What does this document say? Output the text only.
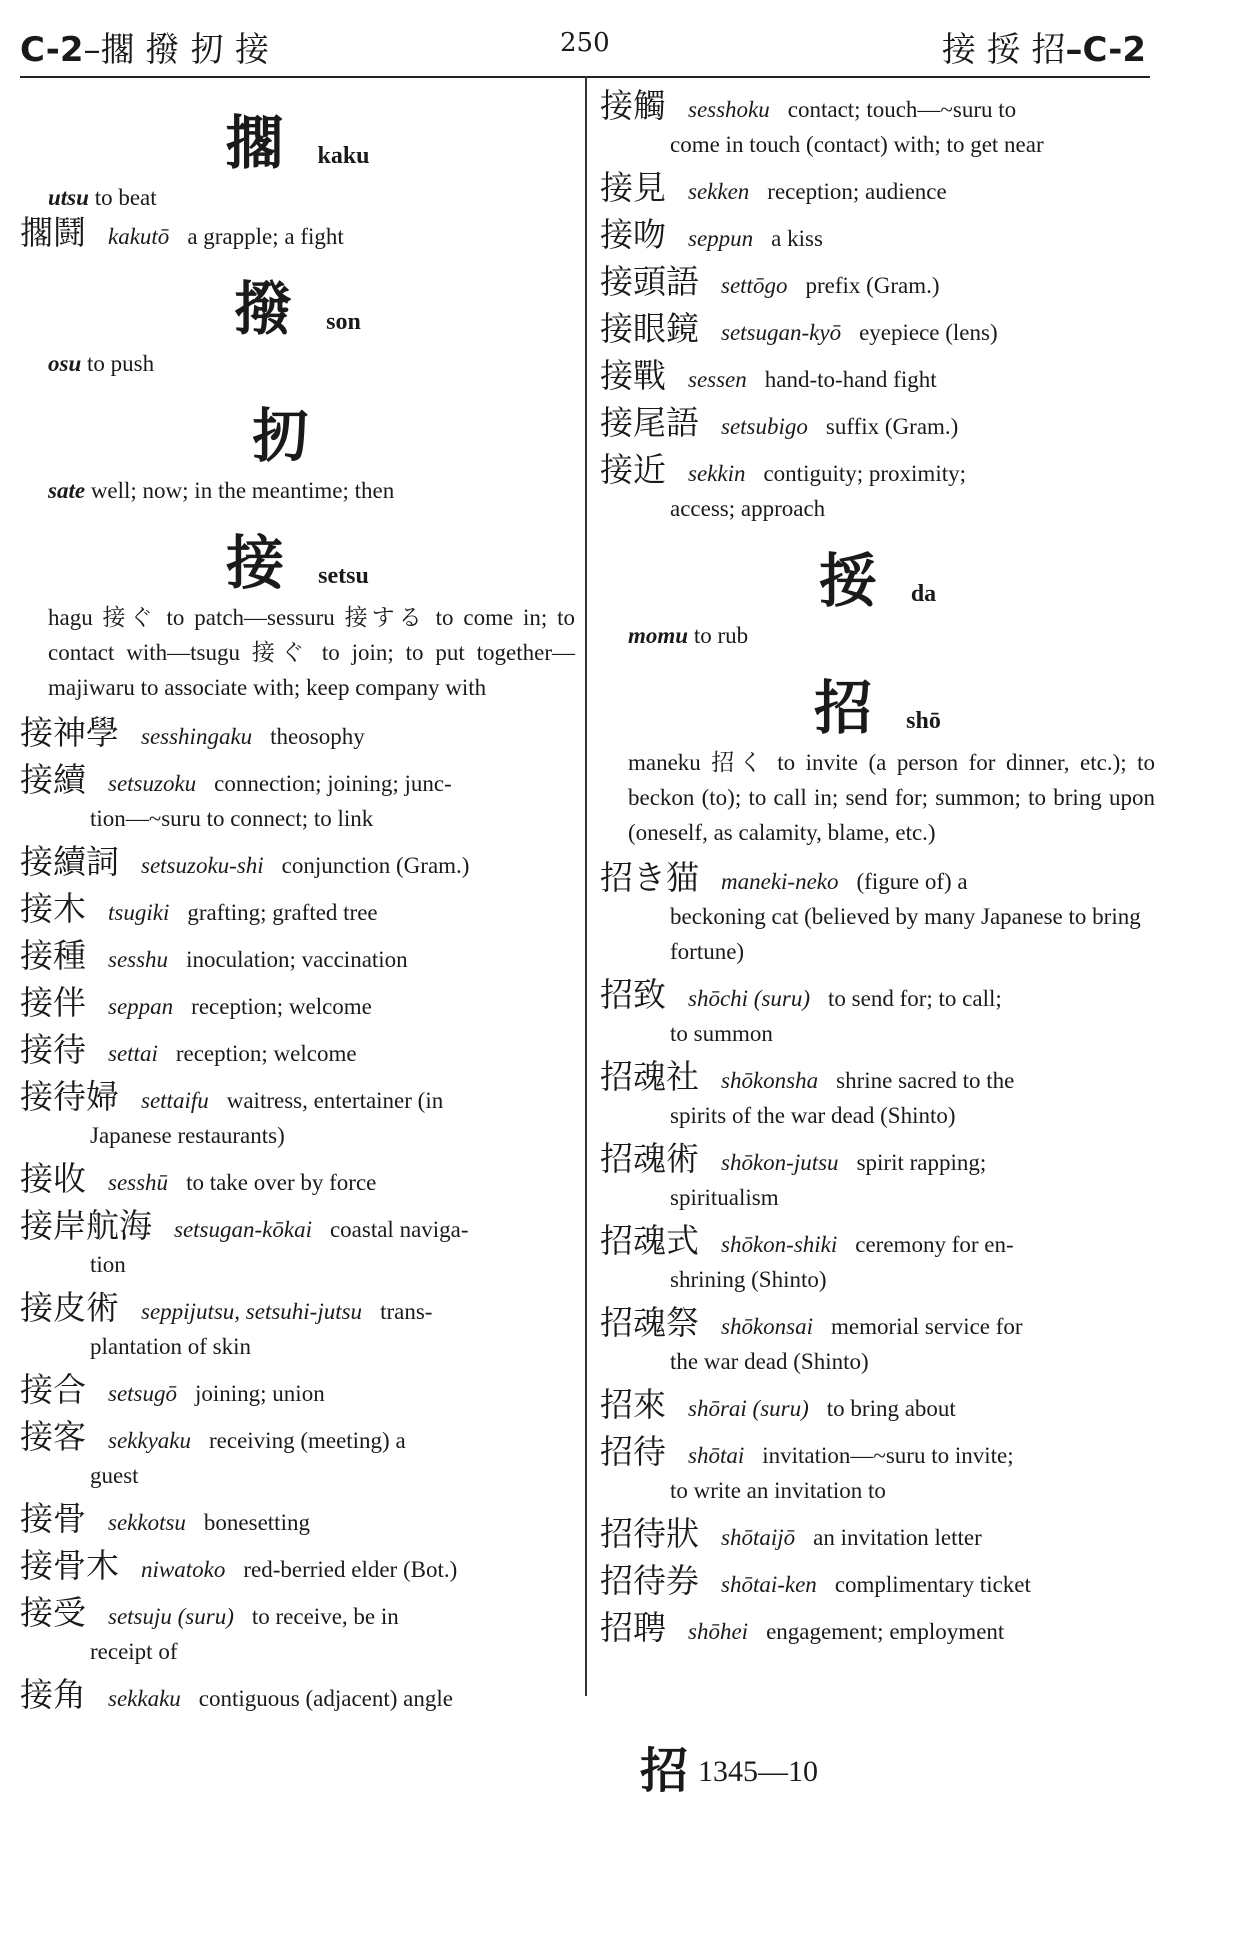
C-2–擱 撥 扨 接	250	接 挼 招–C-2
擱 kaku
utsu to beat
擱鬪 kakutō a grapple; a fight
撥 son
osu to push
扨
sate well; now; in the meantime; then
接 setsu
hagu 接ぐ to patch—sessuru 接する to come in; to contact with—tsugu 接ぐ to join; to put together—majiwaru to associate with; keep company with
接神學 sesshingaku theosophy
接續 setsuzoku connection; joining; junc-
tion—~suru to connect; to link
接續詞 setsuzoku-shi conjunction (Gram.)
接木 tsugiki grafting; grafted tree
接種 sesshu inoculation; vaccination
接伴 seppan reception; welcome
接待 settai reception; welcome
接待婦 settaifu waitress, entertainer (in
Japanese restaurants)
接收 sesshū to take over by force
接岸航海 setsugan-kōkai coastal naviga-
tion
接皮術 seppijutsu, setsuhi-jutsu trans-
plantation of skin
接合 setsugō joining; union
接客 sekkyaku receiving (meeting) a
guest
接骨 sekkotsu bonesetting
接骨木 niwatoko red-berried elder (Bot.)
接受 setsuju (suru) to receive, be in
receipt of
接角 sekkaku contiguous (adjacent) angle
接觸 sesshoku contact; touch—~suru to
come in touch (contact) with; to get near
接見 sekken reception; audience
接吻 seppun a kiss
接頭語 settōgo prefix (Gram.)
接眼鏡 setsugan-kyō eyepiece (lens)
接戰 sessen hand-to-hand fight
接尾語 setsubigo suffix (Gram.)
接近 sekkin contiguity; proximity;
access; approach
挼 da
momu to rub
招 shō
maneku 招く to invite (a person for dinner, etc.); to beckon (to); to call in; send for; summon; to bring upon (oneself, as calamity, blame, etc.)
招き猫 maneki-neko (figure of) a
beckoning cat (believed by many Japanese to bring fortune)
招致 shōchi (suru) to send for; to call;
to summon
招魂社 shōkonsha shrine sacred to the
spirits of the war dead (Shinto)
招魂術 shōkon-jutsu spirit rapping;
spiritualism
招魂式 shōkon-shiki ceremony for en-
shrining (Shinto)
招魂祭 shōkonsai memorial service for
the war dead (Shinto)
招來 shōrai (suru) to bring about
招待 shōtai invitation—~suru to invite;
to write an invitation to
招待狀 shōtaijō an invitation letter
招待券 shōtai-ken complimentary ticket
招聘 shōhei engagement; employment
招 1345—10
